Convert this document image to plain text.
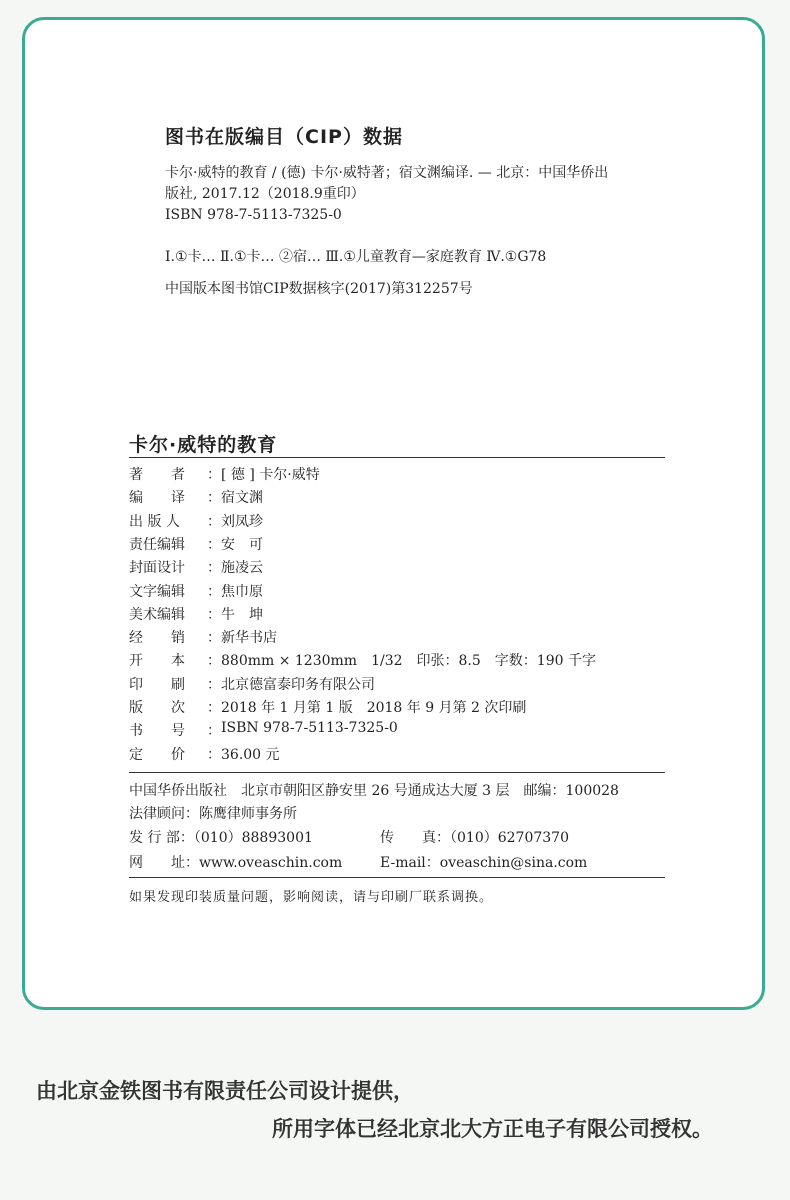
图书在版编目（CIP）数据
卡尔·威特的教育 / (德) 卡尔·威特著；宿文渊编译. — 北京：中国华侨出
版社, 2017.12（2018.9重印）
ISBN 978-7-5113-7325-0
Ⅰ.①卡… Ⅱ.①卡… ②宿… Ⅲ.①儿童教育—家庭教育 Ⅳ.①G78
中国版本图书馆CIP数据核字(2017)第312257号
卡尔·威特的教育
著　　者	： [ 德 ] 卡尔·威特
编　　译	： 宿文渊
出 版 人	： 刘凤珍
责任编辑	： 安　可
封面设计	： 施凌云
文字编辑	： 焦巾原
美术编辑	： 牛　坤
经　　销	： 新华书店
开　　本	： 880mm × 1230mm　1/32　印张：8.5　字数：190 千字
印　　刷	： 北京德富泰印务有限公司
版　　次	： 2018 年 1 月第 1 版　2018 年 9 月第 2 次印刷
书　　号	： ISBN 978-7-5113-7325-0
定　　价	： 36.00 元
中国华侨出版社　北京市朝阳区静安里 26 号通成达大厦 3 层　邮编：100028
法律顾问：陈鹰律师事务所
发 行 部：（010）88893001	传　　真：（010）62707370
网　　址：www.oveaschin.com	E-mail：oveaschin@sina.com
如果发现印装质量问题，影响阅读，请与印刷厂联系调换。
由北京金铁图书有限责任公司设计提供，
所用字体已经北京北大方正电子有限公司授权。
